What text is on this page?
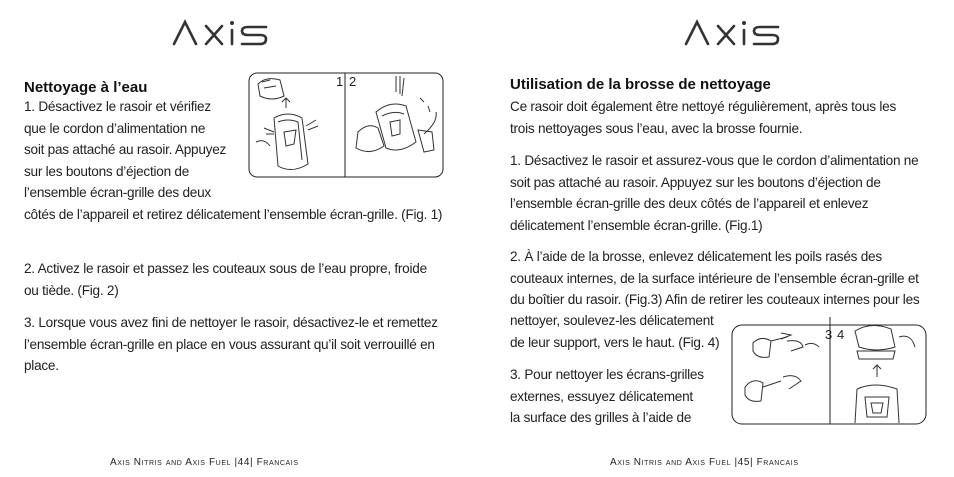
Nettoyage à l’eau
1. Désactivez le rasoir et vérifiez
que le cordon d’alimentation ne
soit pas attaché au rasoir. Appuyez
sur les boutons d’éjection de
l’ensemble écran-grille des deux

côtés de l’appareil et retirez délicatement l’ensemble écran-grille. (Fig. 1)

2. Activez le rasoir et passez les couteaux sous de l’eau propre, froide ou tiède. (Fig. 2)

3. Lorsque vous avez fini de nettoyer le rasoir, désactivez-le et remettez l’ensemble écran-grille en place en vous assurant qu’il soit verrouillé en place.

1 2
Axis Nitris and Axis Fuel |44| Francais
Utilisation de la brosse de nettoyage

Ce rasoir doit également être nettoyé régulièrement, après tous les trois nettoyages sous l’eau, avec la brosse fournie.

1. Désactivez le rasoir et assurez-vous que le cordon d’alimentation ne soit pas attaché au rasoir. Appuyez sur les boutons d’éjection de l’ensemble écran-grille des deux côtés de l’appareil et enlevez délicatement l’ensemble écran-grille. (Fig.1)

2. À l’aide de la brosse, enlevez délicatement les poils rasés des couteaux internes, de la surface intérieure de l’ensemble écran-grille et du boîtier du rasoir. (Fig.3) Afin de retirer les couteaux internes pour les

nettoyer, soulevez-les délicatement
de leur support, vers le haut. (Fig. 4)
3. Pour nettoyer les écrans-grilles
externes, essuyez délicatement
la surface des grilles à l’aide de
3 4
Axis Nitris and Axis Fuel |45| Francais
